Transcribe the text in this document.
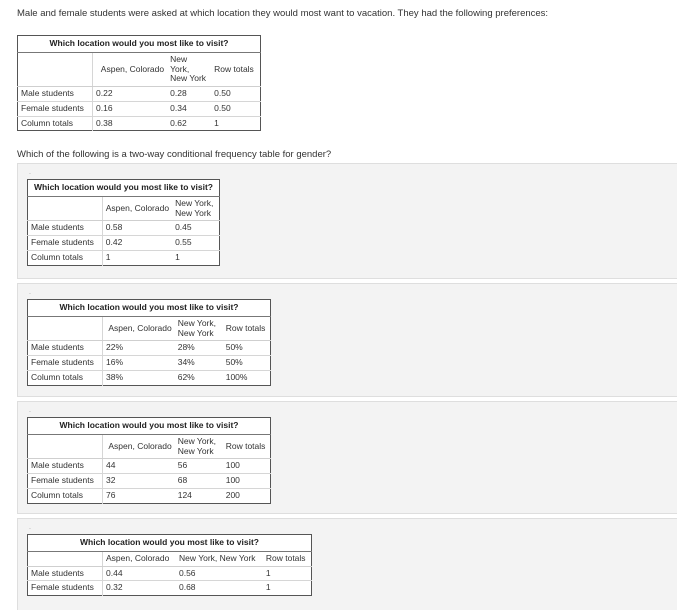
Male and female students were asked at which location they would most want to vacation. They had the following preferences:
Which location would you most like to visit?			
	Aspen, Colorado	New York, New York	Row totals
Male students	0.22	0.28	0.50
Female students	0.16	0.34	0.50
Column totals	0.38	0.62	1
Which of the following is a two-way conditional frequency table for gender?
.
Which location would you most like to visit?		
	Aspen, Colorado	New York, New York
Male students	0.58	0.45
Female students	0.42	0.55
Column totals	1	1
.
Which location would you most like to visit?			
	Aspen, Colorado	New York, New York	Row totals
Male students	22%	28%	50%
Female students	16%	34%	50%
Column totals	38%	62%	100%
.
Which location would you most like to visit?			
	Aspen, Colorado	New York, New York	Row totals
Male students	44	56	100
Female students	32	68	100
Column totals	76	124	200
.
Which location would you most like to visit?			
	Aspen, Colorado	New York, New York	Row totals
Male students	0.44	0.56	1
Female students	0.32	0.68	1
